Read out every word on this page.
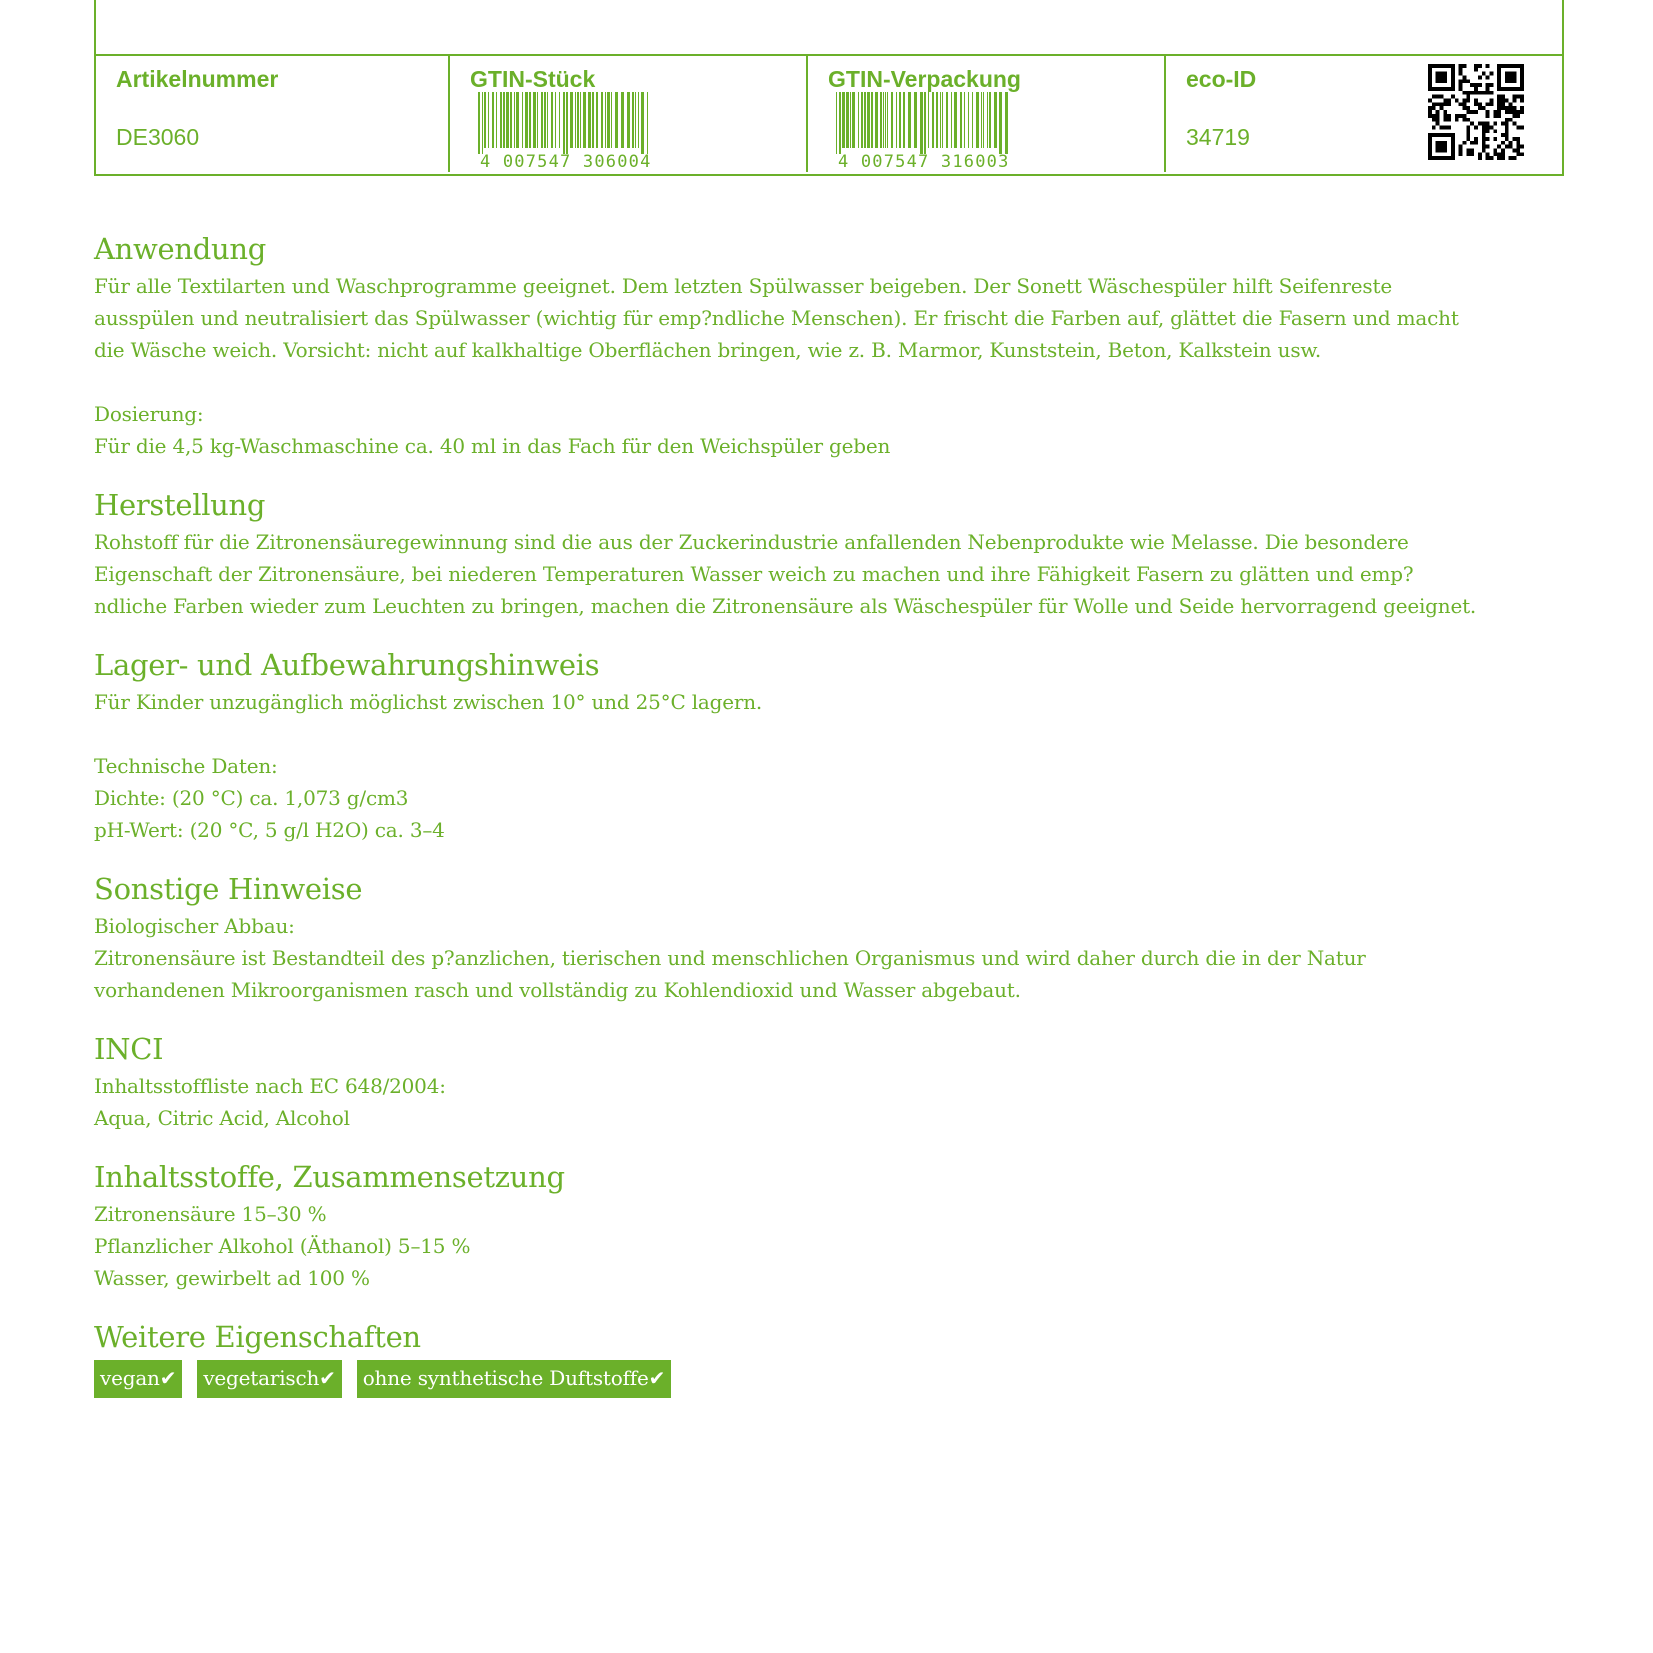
Artikelnummer
DE3060
GTIN-Stück
4 007547 306004
GTIN-Verpackung
4 007547 316003
eco-ID
34719
Anwendung

Für alle Textilarten und Waschprogramme geeignet. Dem letzten Spülwasser beigeben. Der Sonett Wäschespüler hilft Seifenreste
ausspülen und neutralisiert das Spülwasser (wichtig für emp?ndliche Menschen). Er frischt die Farben auf, glättet die Fasern und macht
die Wäsche weich. Vorsicht: nicht auf kalkhaltige Oberflächen bringen, wie z. B. Marmor, Kunststein, Beton, Kalkstein usw.

Dosierung:
Für die 4,5 kg-Waschmaschine ca. 40 ml in das Fach für den Weichspüler geben

Herstellung

Rohstoff für die Zitronensäuregewinnung sind die aus der Zuckerindustrie anfallenden Nebenprodukte wie Melasse. Die besondere
Eigenschaft der Zitronensäure, bei niederen Temperaturen Wasser weich zu machen und ihre Fähigkeit Fasern zu glätten und emp?
ndliche Farben wieder zum Leuchten zu bringen, machen die Zitronensäure als Wäschespüler für Wolle und Seide hervorragend geeignet.

Lager- und Aufbewahrungshinweis

Für Kinder unzugänglich möglichst zwischen 10° und 25°C lagern.

Technische Daten:
Dichte: (20 °C) ca. 1,073 g/cm3
pH-Wert: (20 °C, 5 g/l H2O) ca. 3–4

Sonstige Hinweise

Biologischer Abbau:
Zitronensäure ist Bestandteil des p?anzlichen, tierischen und menschlichen Organismus und wird daher durch die in der Natur
vorhandenen Mikroorganismen rasch und vollständig zu Kohlendioxid und Wasser abgebaut.

INCI

Inhaltsstoffliste nach EC 648/2004:
Aqua, Citric Acid, Alcohol

Inhaltsstoffe, Zusammensetzung

Zitronensäure 15–30 %
Pflanzlicher Alkohol (Äthanol) 5–15 %
Wasser, gewirbelt ad 100 %

Weitere Eigenschaften
vegan✔	vegetarisch✔	ohne synthetische Duftstoffe✔
